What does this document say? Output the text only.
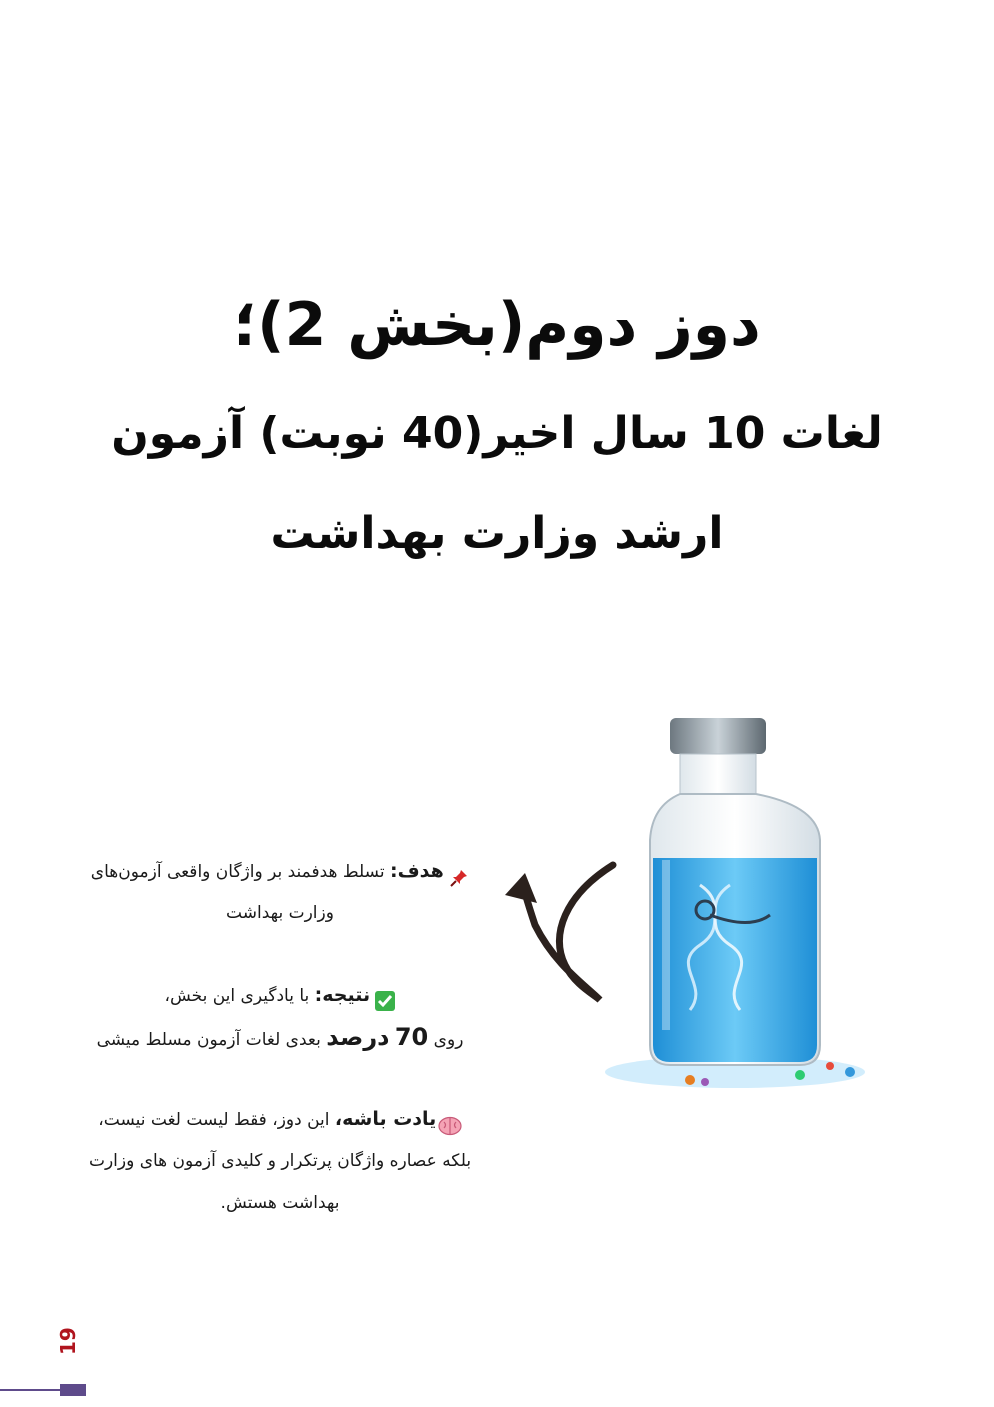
دوز دوم(بخش 2)؛
لغات 10 سال اخیر(40 نوبت) آزمون
ارشد وزارت بهداشت
هدف: تسلط هدفمند بر واژگان واقعی آزمون‌های
وزارت بهداشت
نتیجه: با یادگیری این بخش،
روی 70 درصد بعدی لغات آزمون مسلط میشی
یادت باشه، این دوز، فقط لیست لغت نیست،
بلکه عصاره واژگان پرتکرار و کلیدی آزمون های وزارت
بهداشت هستش.
19
